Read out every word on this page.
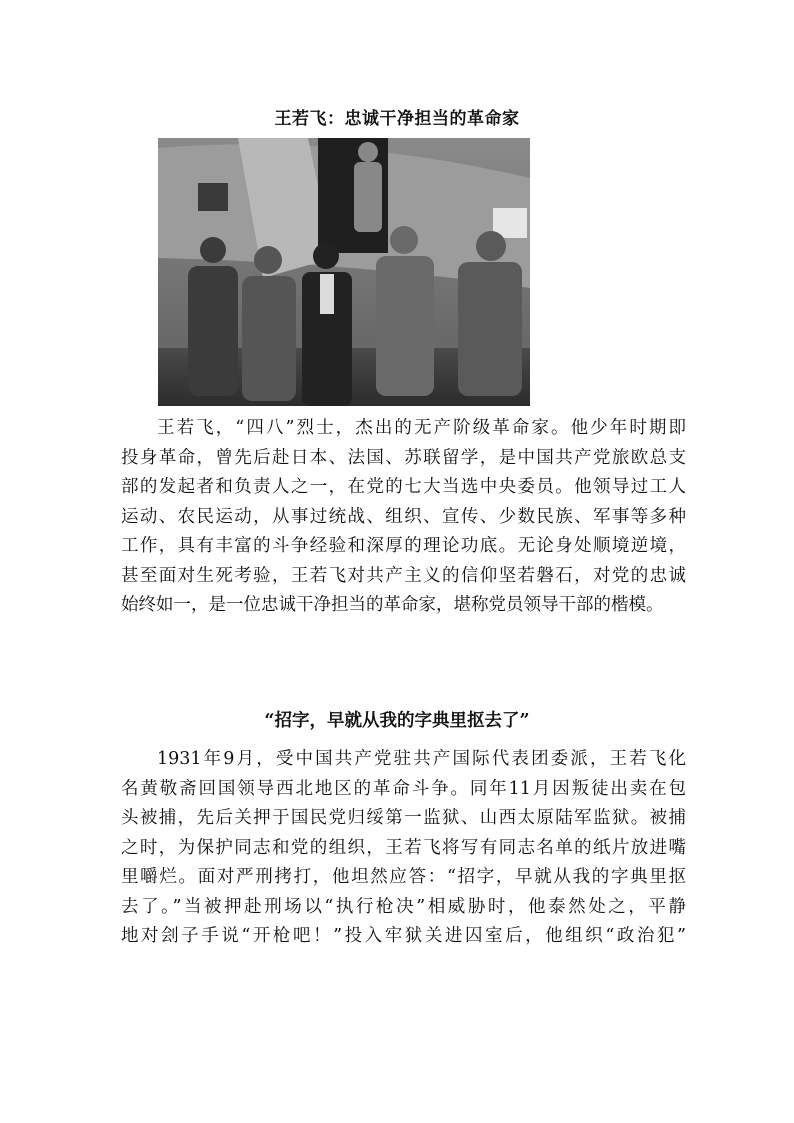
王若飞：忠诚干净担当的革命家
王若飞，“四八”烈士，杰出的无产阶级革命家。他少年时期即
投身革命，曾先后赴日本、法国、苏联留学，是中国共产党旅欧总支
部的发起者和负责人之一，在党的七大当选中央委员。他领导过工人
运动、农民运动，从事过统战、组织、宣传、少数民族、军事等多种
工作，具有丰富的斗争经验和深厚的理论功底。无论身处顺境逆境，
甚至面对生死考验，王若飞对共产主义的信仰坚若磐石，对党的忠诚
始终如一，是一位忠诚干净担当的革命家，堪称党员领导干部的楷模。
“招字，早就从我的字典里抠去了”
1931年9月，受中国共产党驻共产国际代表团委派，王若飞化
名黄敬斋回国领导西北地区的革命斗争。同年11月因叛徒出卖在包
头被捕，先后关押于国民党归绥第一监狱、山西太原陆军监狱。被捕
之时，为保护同志和党的组织，王若飞将写有同志名单的纸片放进嘴
里嚼烂。面对严刑拷打，他坦然应答：“招字，早就从我的字典里抠
去了。”当被押赴刑场以“执行枪决”相威胁时，他泰然处之，平静
地对刽子手说“开枪吧！”投入牢狱关进囚室后，他组织“政治犯”
